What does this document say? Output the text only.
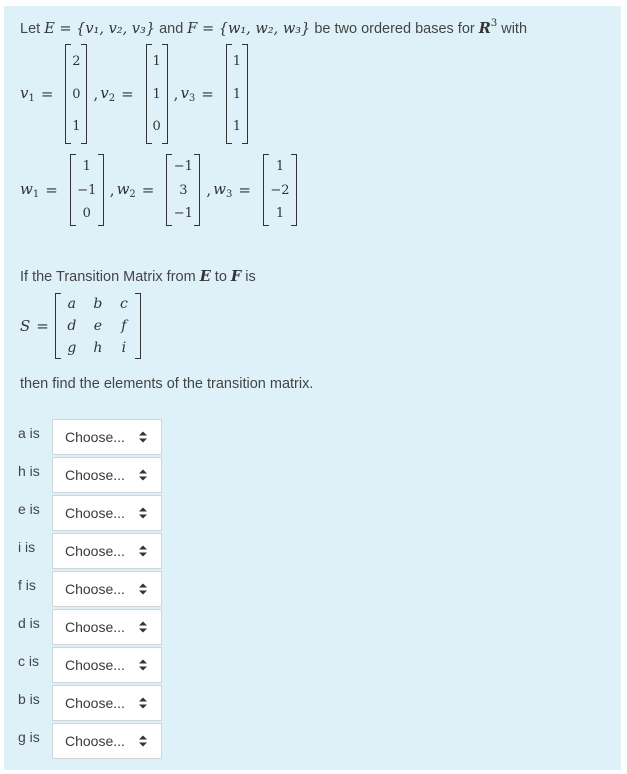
Let E = {v₁, v₂, v₃} and F = {w₁, w₂, w₃} be two ordered bases for $R^3$ with
$v_1$ =
2
0
1
, $v_2$ =
1
1
0
, $v_3$ =
1
1
1
$w_1$ =
1
−1
0
, $w_2$ =
−1
3
−1
, $w_3$ =
1
−2
1
If the Transition Matrix from E to F is
S =
a	b	c
d	e	f
g	h	i
then find the elements of the transition matrix.
a is	Choose...
h is	Choose...
e is	Choose...
i is	Choose...
f is	Choose...
d is	Choose...
c is	Choose...
b is	Choose...
g is	Choose...
